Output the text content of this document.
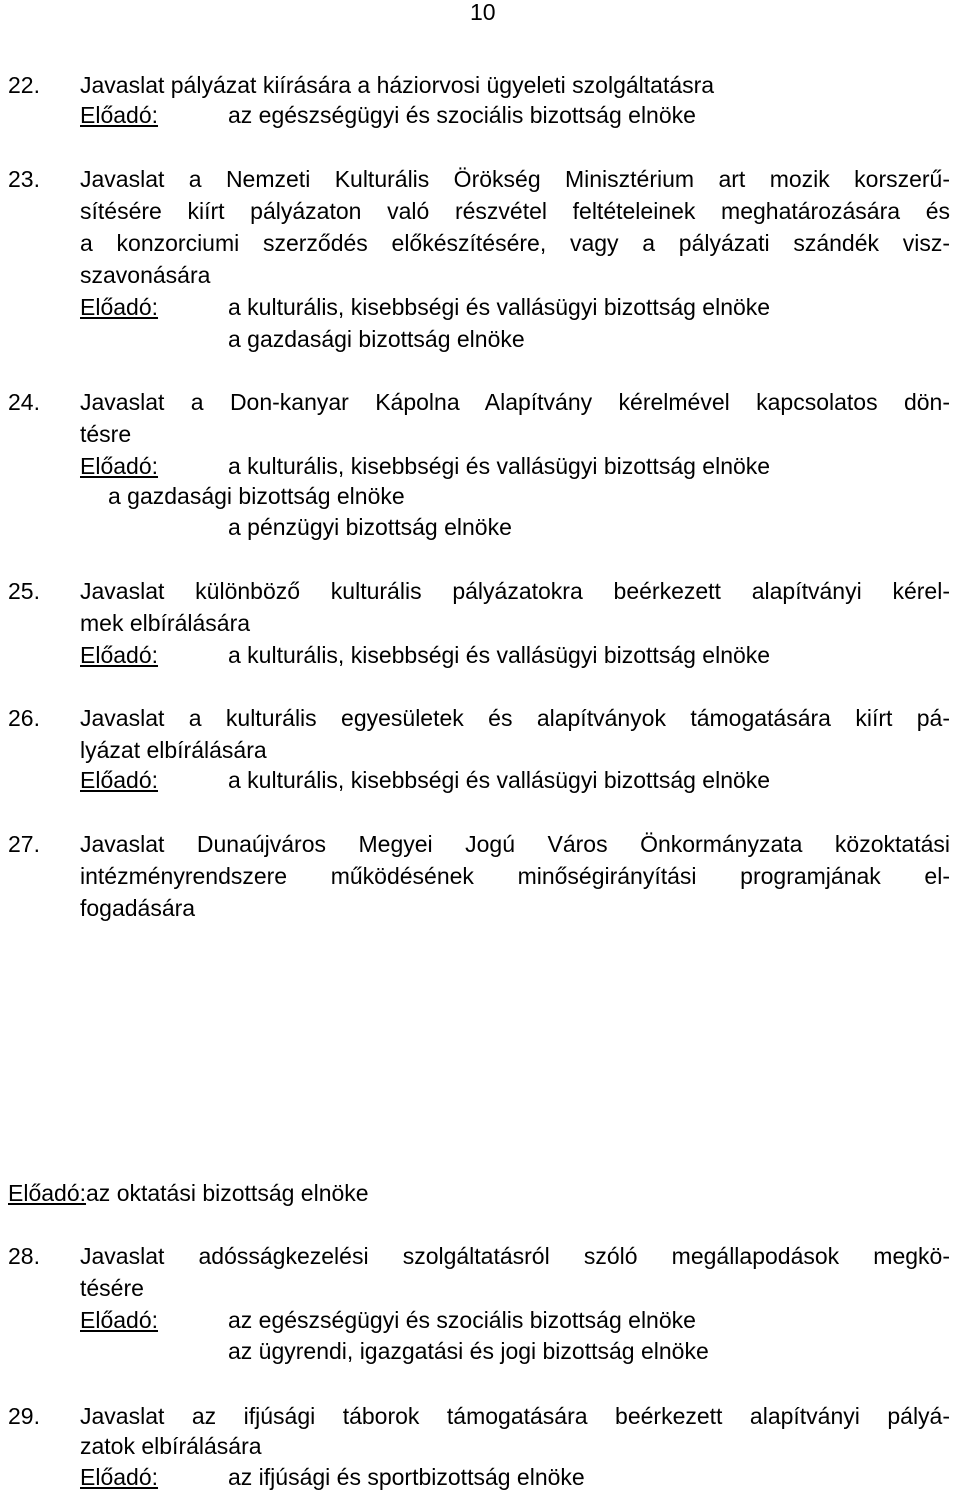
10
22. Javaslat pályázat kiírására a háziorvosi ügyeleti szolgáltatásra
Előadó:	az egészségügyi és szociális bizottság elnöke
23. Javaslat a Nemzeti Kulturális Örökség Minisztérium art mozik korszerű-
sítésére kiírt pályázaton való részvétel feltételeinek meghatározására és
a konzorciumi szerződés előkészítésére, vagy a pályázati szándék visz-
szavonására
Előadó:	a kulturális, kisebbségi és vallásügyi bizottság elnöke
a gazdasági bizottság elnöke
24. Javaslat a Don-kanyar Kápolna Alapítvány kérelmével kapcsolatos dön-
tésre
Előadó:	a kulturális, kisebbségi és vallásügyi bizottság elnöke
a gazdasági bizottság elnöke
a pénzügyi bizottság elnöke
25. Javaslat különböző kulturális pályázatokra beérkezett alapítványi kérel-
mek elbírálására
Előadó:	a kulturális, kisebbségi és vallásügyi bizottság elnöke
26. Javaslat a kulturális egyesületek és alapítványok támogatására kiírt pá-
lyázat elbírálására
Előadó:	a kulturális, kisebbségi és vallásügyi bizottság elnöke
27. Javaslat Dunaújváros Megyei Jogú Város Önkormányzata közoktatási
intézményrendszere működésének minőségirányítási programjának el-
fogadására
Előadó:az oktatási bizottság elnöke
28. Javaslat adósságkezelési szolgáltatásról szóló megállapodások megkö-
tésére
Előadó:	az egészségügyi és szociális bizottság elnöke
az ügyrendi, igazgatási és jogi bizottság elnöke
29. Javaslat az ifjúsági táborok támogatására beérkezett alapítványi pályá-
zatok elbírálására
Előadó:	az ifjúsági és sportbizottság elnöke
